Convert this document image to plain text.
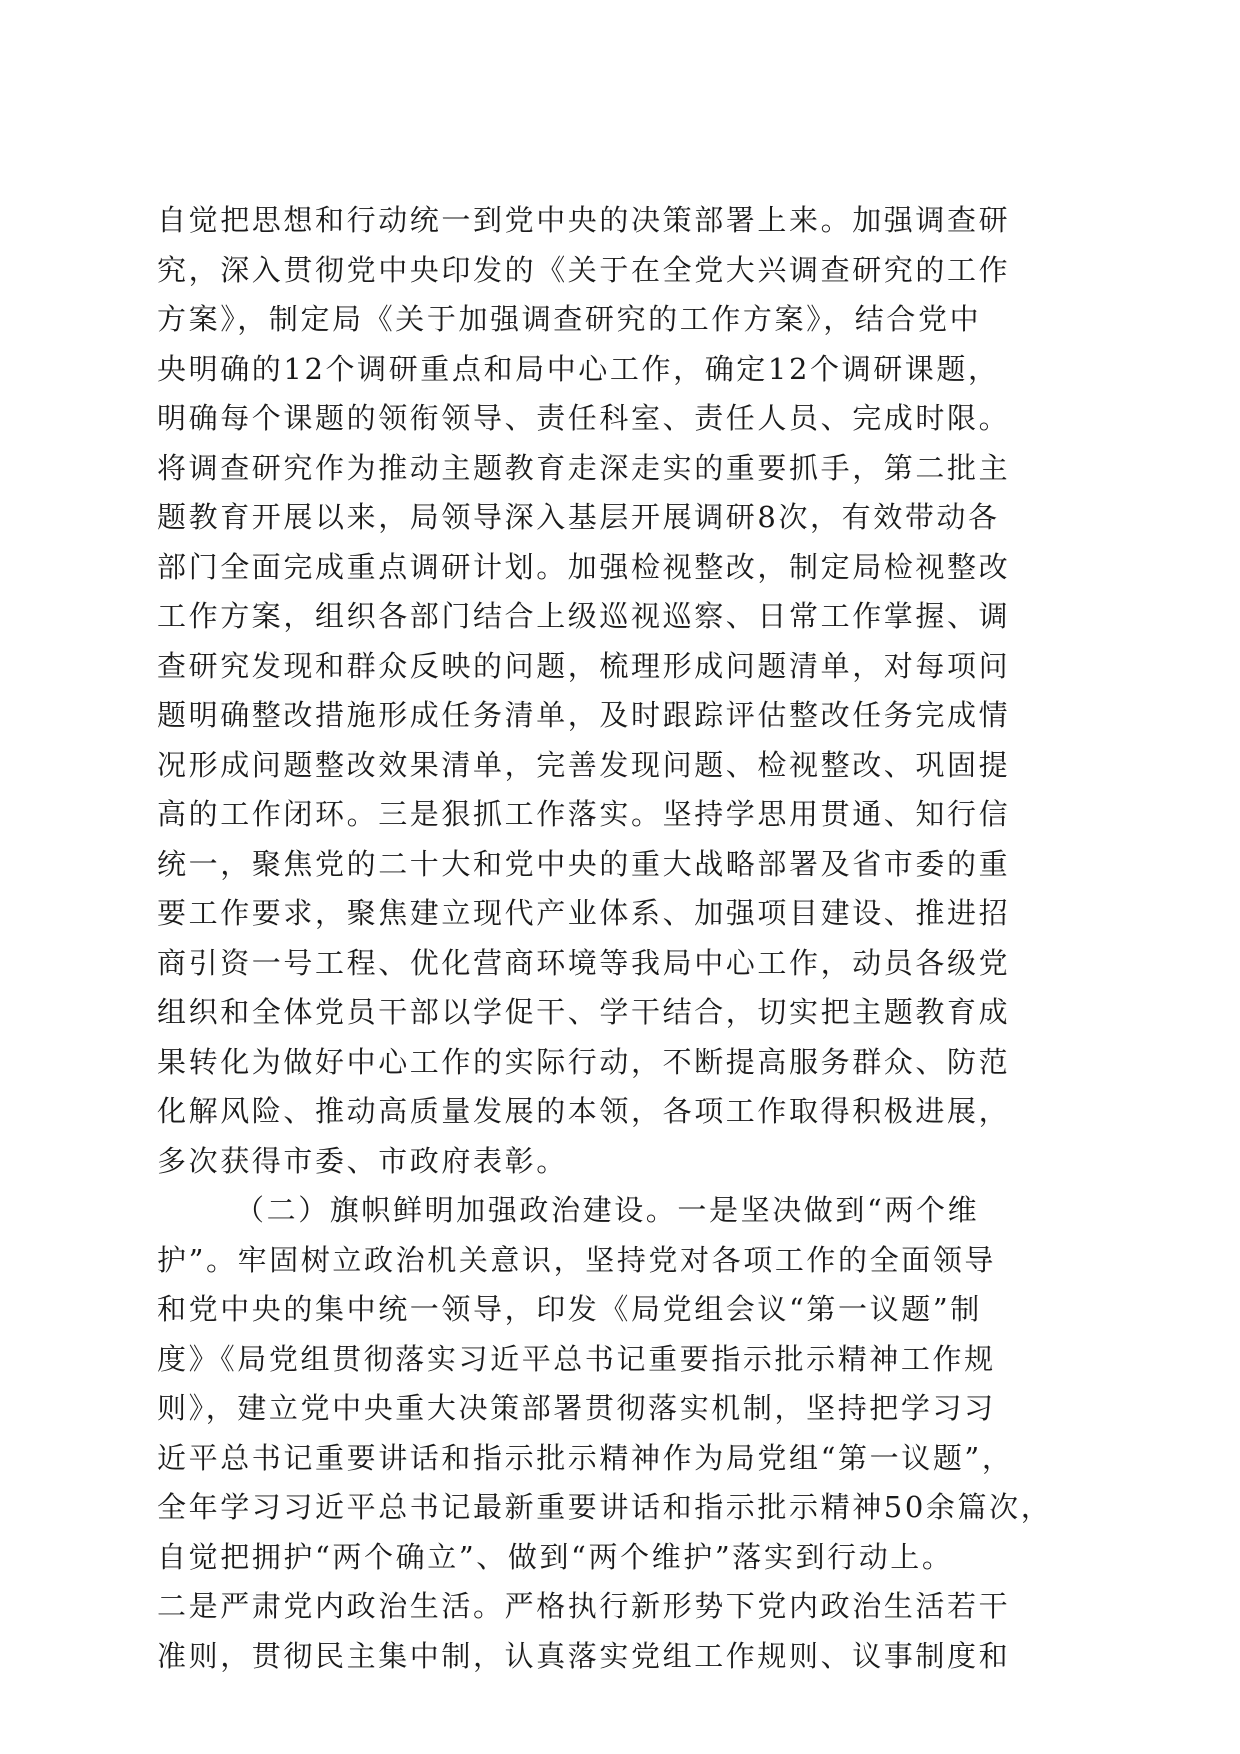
自觉把思想和行动统一到党中央的决策部署上来。加强调查研
究，深入贯彻党中央印发的《关于在全党大兴调查研究的工作
方案》，制定局《关于加强调查研究的工作方案》，结合党中
央明确的12个调研重点和局中心工作，确定12个调研课题，
明确每个课题的领衔领导、责任科室、责任人员、完成时限。
将调查研究作为推动主题教育走深走实的重要抓手，第二批主
题教育开展以来，局领导深入基层开展调研8次，有效带动各
部门全面完成重点调研计划。加强检视整改，制定局检视整改
工作方案，组织各部门结合上级巡视巡察、日常工作掌握、调
查研究发现和群众反映的问题，梳理形成问题清单，对每项问
题明确整改措施形成任务清单，及时跟踪评估整改任务完成情
况形成问题整改效果清单，完善发现问题、检视整改、巩固提
高的工作闭环。三是狠抓工作落实。坚持学思用贯通、知行信
统一，聚焦党的二十大和党中央的重大战略部署及省市委的重
要工作要求，聚焦建立现代产业体系、加强项目建设、推进招
商引资一号工程、优化营商环境等我局中心工作，动员各级党
组织和全体党员干部以学促干、学干结合，切实把主题教育成
果转化为做好中心工作的实际行动，不断提高服务群众、防范
化解风险、推动高质量发展的本领，各项工作取得积极进展，
多次获得市委、市政府表彰。
（二）旗帜鲜明加强政治建设。一是坚决做到“两个维
护”。牢固树立政治机关意识，坚持党对各项工作的全面领导
和党中央的集中统一领导，印发《局党组会议“第一议题”制
度》《局党组贯彻落实习近平总书记重要指示批示精神工作规
则》，建立党中央重大决策部署贯彻落实机制，坚持把学习习
近平总书记重要讲话和指示批示精神作为局党组“第一议题”，
全年学习习近平总书记最新重要讲话和指示批示精神50余篇次，
自觉把拥护“两个确立”、做到“两个维护”落实到行动上。
二是严肃党内政治生活。严格执行新形势下党内政治生活若干
准则，贯彻民主集中制，认真落实党组工作规则、议事制度和
